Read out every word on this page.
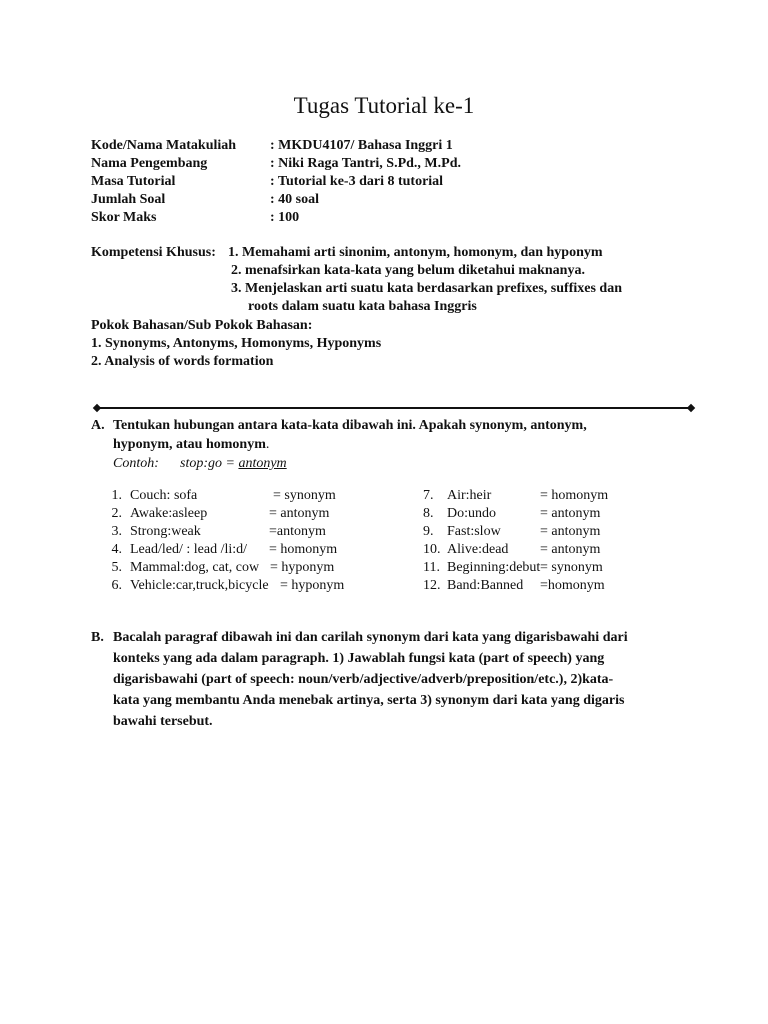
Tugas Tutorial ke-1
Kode/Nama Matakuliah : MKDU4107/ Bahasa Inggri 1
Nama Pengembang	: Niki Raga Tantri, S.Pd., M.Pd.
Masa Tutorial	: Tutorial ke-3 dari 8 tutorial
Jumlah Soal	: 40 soal
Skor Maks	: 100
Kompetensi Khusus: 1. Memahami arti sinonim, antonym, homonym, dan hyponym
2. menafsirkan kata-kata yang belum diketahui maknanya.
3. Menjelaskan arti suatu kata berdasarkan prefixes, suffixes dan
roots dalam suatu kata bahasa Inggris
Pokok Bahasan/Sub Pokok Bahasan:
1. Synonyms, Antonyms, Homonyms, Hyponyms
2. Analysis of words formation
A. Tentukan hubungan antara kata-kata dibawah ini. Apakah synonym, antonym,
hyponym, atau homonym.
Contoh: stop:go = antonym
1. Couch: sofa	= synonym
2. Awake:asleep	= antonym
3. Strong:weak	=antonym
4. Lead/led/ : lead /li:d/ = homonym
5. Mammal:dog, cat, cow = hyponym
6. Vehicle:car,truck,bicycle = hyponym
7. Air:heir	= homonym
8. Do:undo	= antonym
9. Fast:slow	= antonym
10. Alive:dead = antonym
11. Beginning:debut = synonym
12. Band:Banned =homonym
B. Bacalah paragraf dibawah ini dan carilah synonym dari kata yang digarisbawahi dari
konteks yang ada dalam paragraph. 1) Jawablah fungsi kata (part of speech) yang
digarisbawahi (part of speech: noun/verb/adjective/adverb/preposition/etc.), 2)kata-
kata yang membantu Anda menebak artinya, serta 3) synonym dari kata yang digaris
bawahi tersebut.
